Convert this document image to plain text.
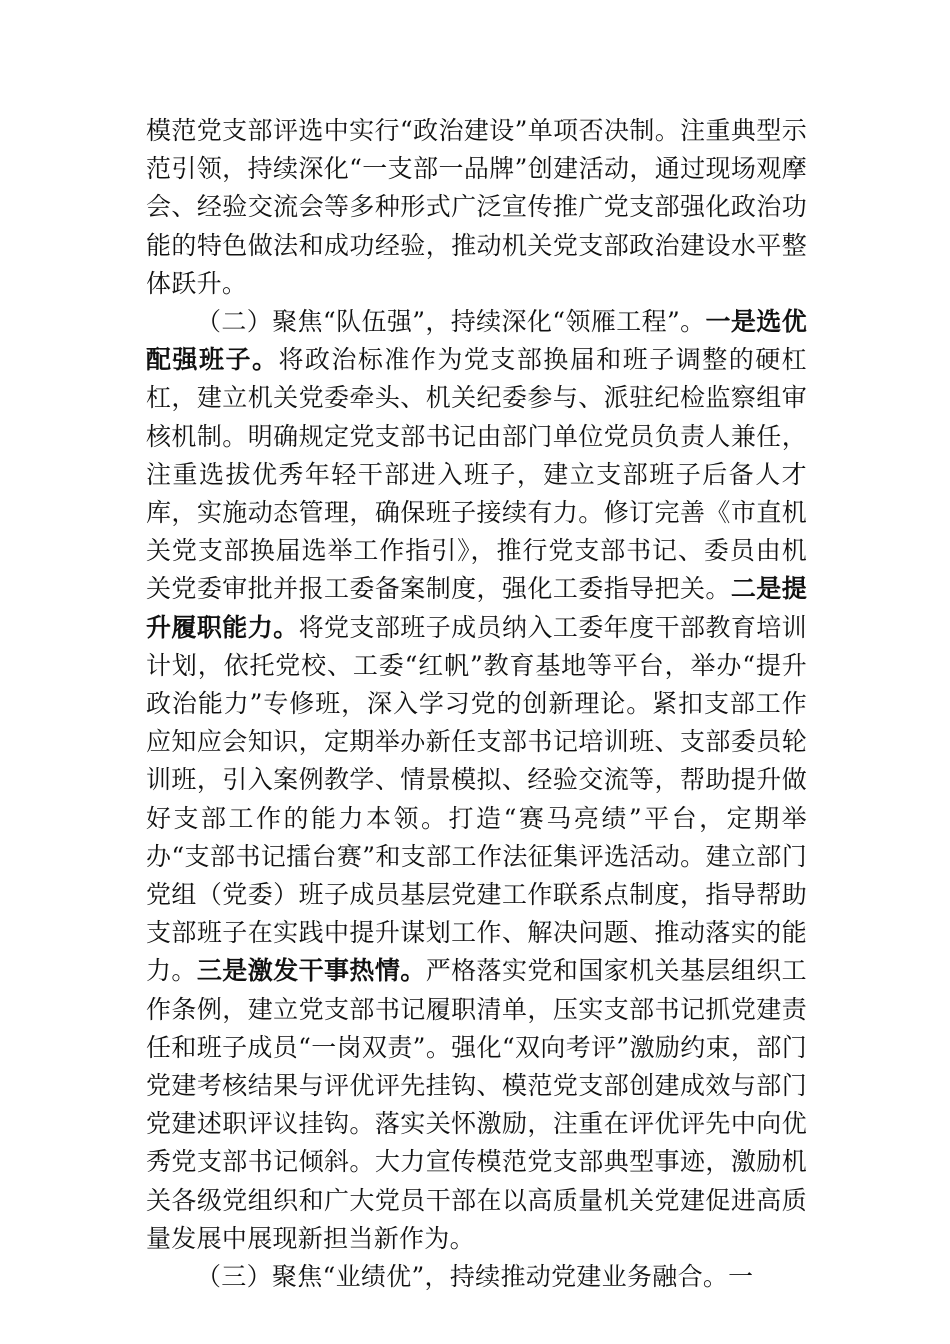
模范党支部评选中实行“政治建设”单项否决制。注重典型示范引领，持续深化“一支部一品牌”创建活动，通过现场观摩会、经验交流会等多种形式广泛宣传推广党支部强化政治功能的特色做法和成功经验，推动机关党支部政治建设水平整体跃升。

（二）聚焦“队伍强”，持续深化“领雁工程”。一是选优配强班子。将政治标准作为党支部换届和班子调整的硬杠杠，建立机关党委牵头、机关纪委参与、派驻纪检监察组审核机制。明确规定党支部书记由部门单位党员负责人兼任，注重选拔优秀年轻干部进入班子，建立支部班子后备人才库，实施动态管理，确保班子接续有力。修订完善《市直机关党支部换届选举工作指引》，推行党支部书记、委员由机关党委审批并报工委备案制度，强化工委指导把关。二是提升履职能力。将党支部班子成员纳入工委年度干部教育培训计划，依托党校、工委“红帆”教育基地等平台，举办“提升政治能力”专修班，深入学习党的创新理论。紧扣支部工作应知应会知识，定期举办新任支部书记培训班、支部委员轮训班，引入案例教学、情景模拟、经验交流等，帮助提升做好支部工作的能力本领。打造“赛马亮绩”平台，定期举办“支部书记擂台赛”和支部工作法征集评选活动。建立部门党组（党委）班子成员基层党建工作联系点制度，指导帮助支部班子在实践中提升谋划工作、解决问题、推动落实的能力。三是激发干事热情。严格落实党和国家机关基层组织工作条例，建立党支部书记履职清单，压实支部书记抓党建责任和班子成员“一岗双责”。强化“双向考评”激励约束，部门党建考核结果与评优评先挂钩、模范党支部创建成效与部门党建述职评议挂钩。落实关怀激励，注重在评优评先中向优秀党支部书记倾斜。大力宣传模范党支部典型事迹，激励机关各级党组织和广大党员干部在以高质量机关党建促进高质量发展中展现新担当新作为。

（三）聚焦“业绩优”，持续推动党建业务融合。一
